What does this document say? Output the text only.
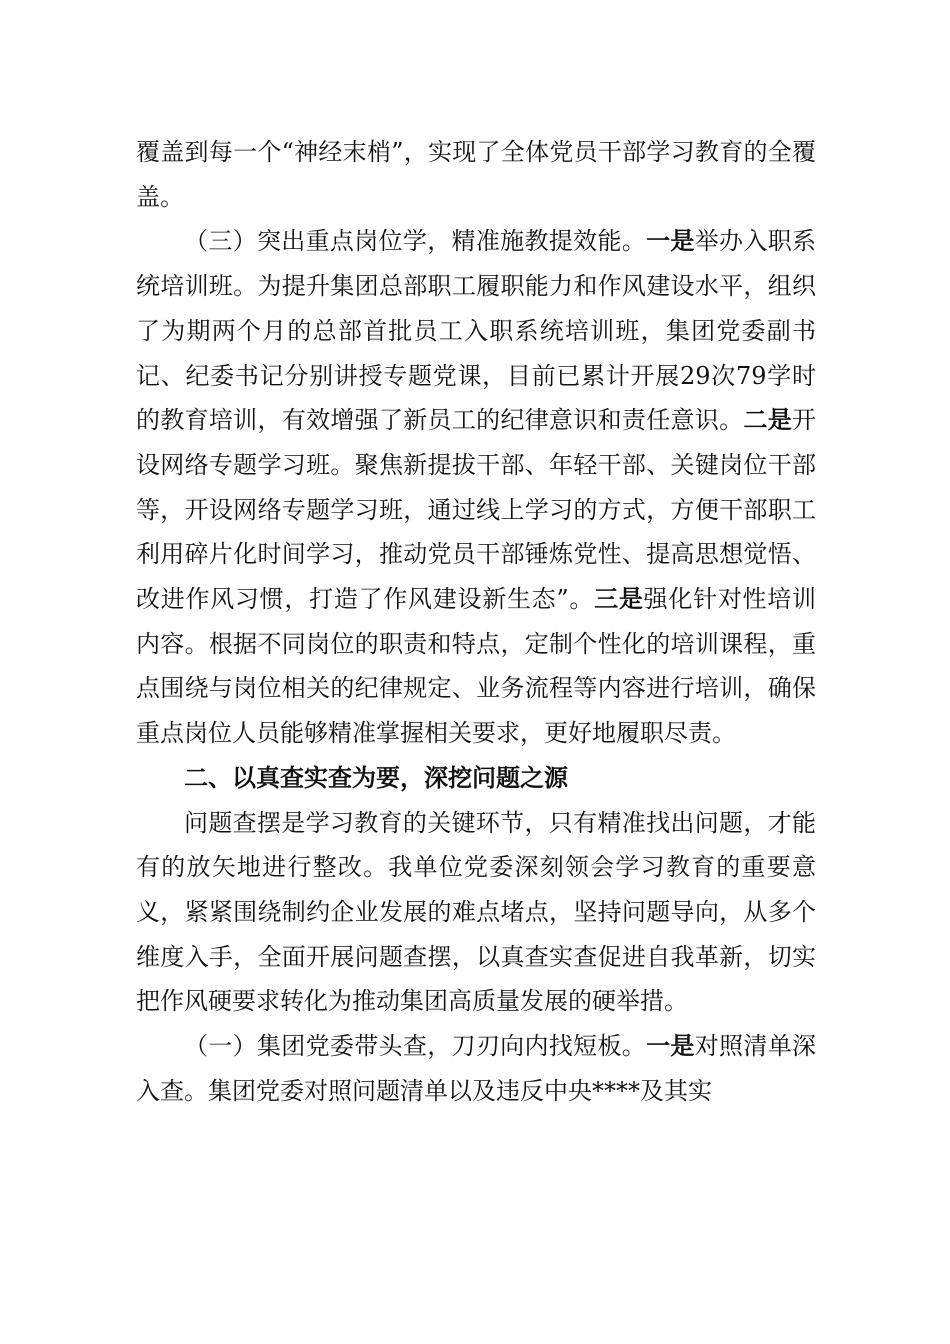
覆盖到每一个“神经末梢”，实现了全体党员干部学习教育的全覆盖。

（三）突出重点岗位学，精准施教提效能。一是举办入职系统培训班。为提升集团总部职工履职能力和作风建设水平，组织了为期两个月的总部首批员工入职系统培训班，集团党委副书记、纪委书记分别讲授专题党课，目前已累计开展29次79学时的教育培训，有效增强了新员工的纪律意识和责任意识。二是开设网络专题学习班。聚焦新提拔干部、年轻干部、关键岗位干部等，开设网络专题学习班，通过线上学习的方式，方便干部职工利用碎片化时间学习，推动党员干部锤炼党性、提高思想觉悟、改进作风习惯，打造了作风建设新生态”。三是强化针对性培训内容。根据不同岗位的职责和特点，定制个性化的培训课程，重点围绕与岗位相关的纪律规定、业务流程等内容进行培训，确保重点岗位人员能够精准掌握相关要求，更好地履职尽责。

二、以真查实查为要，深挖问题之源

问题查摆是学习教育的关键环节，只有精准找出问题，才能有的放矢地进行整改。我单位党委深刻领会学习教育的重要意义，紧紧围绕制约企业发展的难点堵点，坚持问题导向，从多个维度入手，全面开展问题查摆，以真查实查促进自我革新，切实把作风硬要求转化为推动集团高质量发展的硬举措。

（一）集团党委带头查，刀刃向内找短板。一是对照清单深入查。集团党委对照问题清单以及违反中央****及其实
